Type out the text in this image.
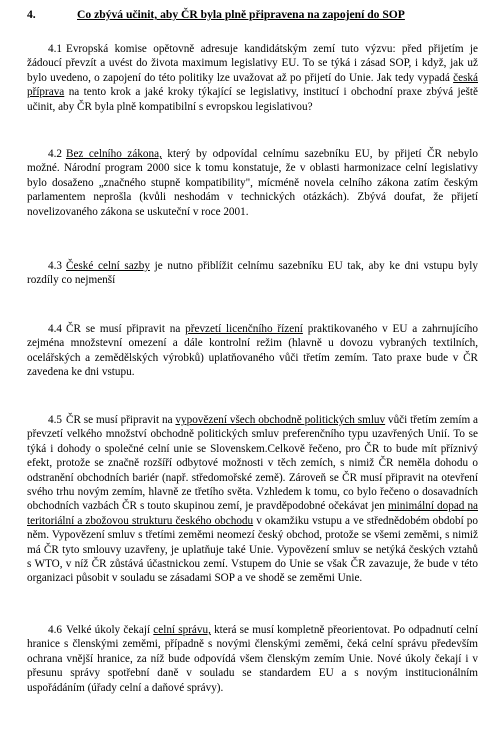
4.	Co zbývá učinit, aby ČR byla plně připravena na zapojení do SOP
4.1 Evropská komise opětovně adresuje kandidátským zemí tuto výzvu: před přijetím je žádoucí převzít a uvést do života maximum legislativy EU. To se týká i zásad SOP, i když, jak už bylo uvedeno, o zapojení do této politiky lze uvažovat až po přijetí do Unie. Jak tedy vypadá česká příprava na tento krok a jaké kroky týkající se legislativy, institucí i obchodní praxe zbývá ještě učinit, aby ČR byla plně kompatibilní s evropskou legislativou?
4.2 Bez celního zákona, který by odpovídal celnímu sazebníku EU, by přijetí ČR nebylo možné. Národní program 2000 sice k tomu konstatuje, že v oblasti harmonizace celní legislativy bylo dosaženo „značného stupně kompatibility", mícméně novela celního zákona zatím českým parlamentem neprošla (kvůli neshodám v technických otázkách). Zbývá doufat, že přijetí novelizovaného zákona se uskuteční v roce 2001.
4.3 České celní sazby je nutno přiblížit celnímu sazebníku EU tak, aby ke dni vstupu byly rozdíly co nejmenší
4.4 ČR se musí připravit na převzetí licenčního řízení praktikovaného v EU a zahrnujícího zejména množstevní omezení a dále kontrolní režim (hlavně u dovozu vybraných textilních, ocelářských a zemědělských výrobků) uplatňovaného vůči třetím zemím. Tato praxe bude v ČR zavedena ke dni vstupu.
4.5 ČR se musí připravit na vypovězení všech obchodně politických smluv vůči třetím zemím a převzetí velkého množství obchodně politických smluv preferenčního typu uzavřených Unií. To se týká i dohody o společné celní unie se Slovenskem.Celkově řečeno, pro ČR to bude mít příznivý efekt, protože se značně rozšíří odbytové možnosti v těch zemích, s nimiž ČR neměla dohodu o odstranění obchodních bariér (např. středomořské země). Zároveň se ČR musí připravit na otevření svého trhu novým zemím, hlavně ze třetího světa. Vzhledem k tomu, co bylo řečeno o dosavadních obchodních vazbách ČR s touto skupinou zemí, je pravděpodobné očekávat jen minimální dopad na teritoriální a zbožovou strukturu českého obchodu v okamžiku vstupu a ve střednědobém období po něm. Vypovězení smluv s třetími zeměmi neomezí český obchod, protože se všemi zeměmi, s nimiž má ČR tyto smlouvy uzavřeny, je uplatňuje také Unie. Vypovězení smluv se netýká českých vztahů s WTO, v níž ČR zůstává účastnickou zemí. Vstupem do Unie se však ČR zavazuje, že bude v této organizaci působit v souladu se zásadami SOP a ve shodě se zeměmi Unie.
4.6 Velké úkoly čekají celní správu, která se musí kompletně přeorientovat. Po odpadnutí celní hranice s členskými zeměmi, případně s novými členskými zeměmi, čeká celní správu především ochrana vnější hranice, za níž bude odpovídá všem členským zemím Unie. Nové úkoly čekají i v přesunu správy spotřební daně v souladu se standardem EU a s novým institucionálním uspořádáním (úřady celní a daňové správy).
